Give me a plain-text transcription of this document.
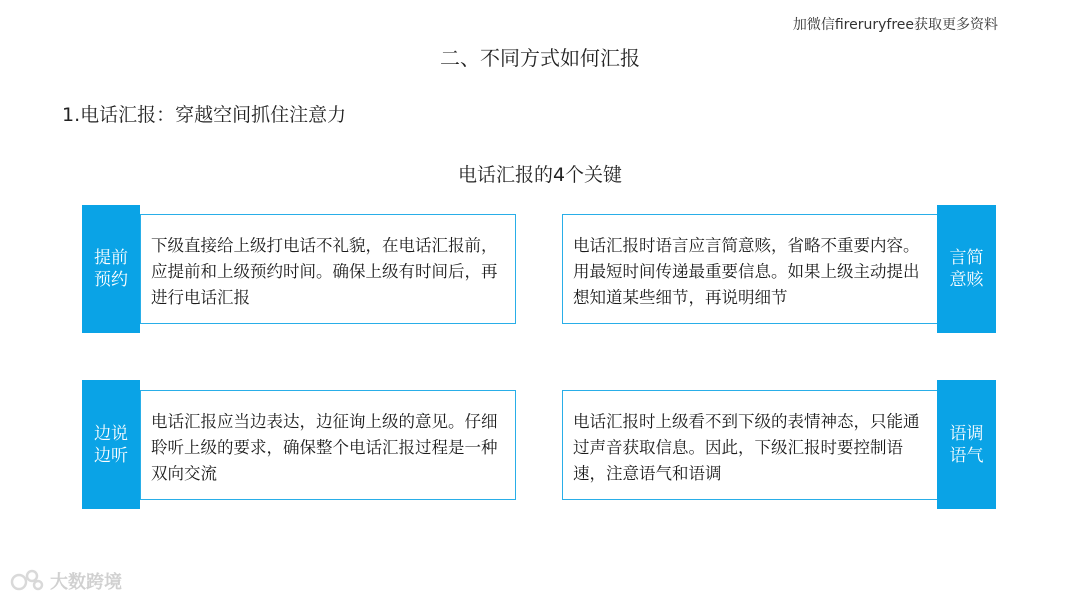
加微信fireruryfree获取更多资料
二、不同方式如何汇报
1.电话汇报：穿越空间抓住注意力
电话汇报的4个关键
提前
预约
下级直接给上级打电话不礼貌，在电话汇报前，应提前和上级预约时间。确保上级有时间后，再进行电话汇报
电话汇报时语言应言简意赅，省略不重要内容。用最短时间传递最重要信息。如果上级主动提出想知道某些细节，再说明细节
言简
意赅
边说
边听
电话汇报应当边表达，边征询上级的意见。仔细聆听上级的要求，确保整个电话汇报过程是一种双向交流
电话汇报时上级看不到下级的表情神态，只能通过声音获取信息。因此，下级汇报时要控制语速，注意语气和语调
语调
语气
大数跨境
